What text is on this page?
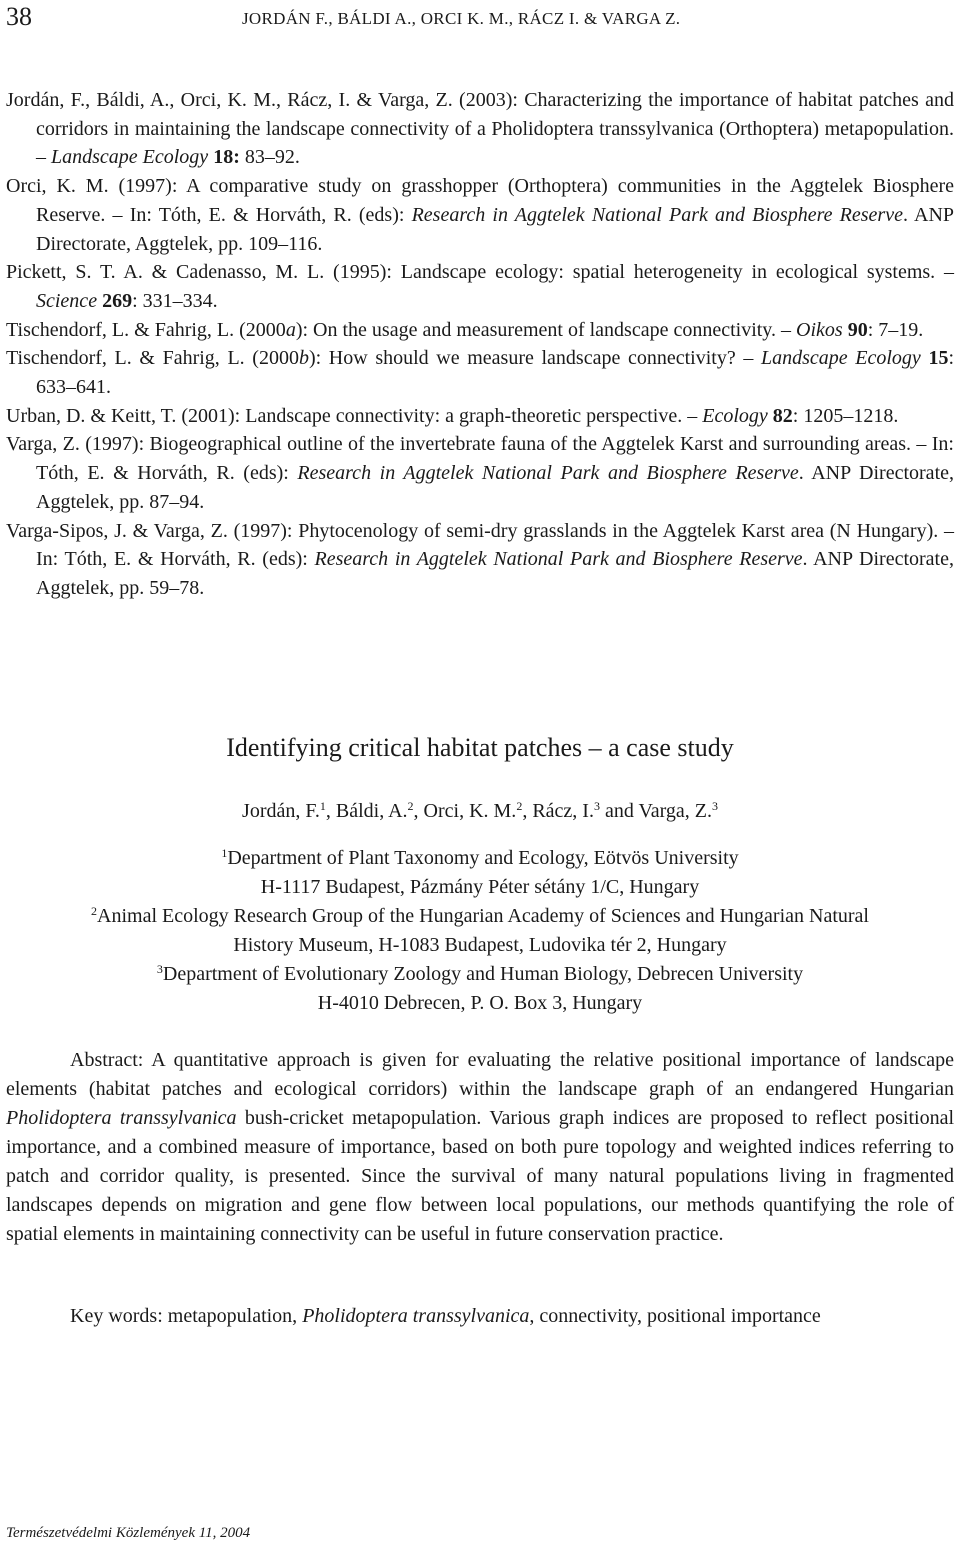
38	JORDÁN F., BÁLDI A., ORCI K. M., RÁCZ I. & VARGA Z.

Jordán, F., Báldi, A., Orci, K. M., Rácz, I. & Varga, Z. (2003): Characterizing the importance of habitat patches and corridors in maintaining the landscape connectivity of a Pholidoptera transsylvanica (Orthoptera) metapopulation. – Landscape Ecology 18: 83–92.

Orci, K. M. (1997): A comparative study on grasshopper (Orthoptera) communities in the Aggtelek Biosphere Reserve. – In: Tóth, E. & Horváth, R. (eds): Research in Aggtelek National Park and Biosphere Reserve. ANP Directorate, Aggtelek, pp. 109–116.

Pickett, S. T. A. & Cadenasso, M. L. (1995): Landscape ecology: spatial heterogeneity in ecological systems. – Science 269: 331–334.

Tischendorf, L. & Fahrig, L. (2000a): On the usage and measurement of landscape connectivity. – Oikos 90: 7–19.

Tischendorf, L. & Fahrig, L. (2000b): How should we measure landscape connectivity? – Landscape Ecology 15: 633–641.

Urban, D. & Keitt, T. (2001): Landscape connectivity: a graph-theoretic perspective. – Ecology 82: 1205–1218.

Varga, Z. (1997): Biogeographical outline of the invertebrate fauna of the Aggtelek Karst and surrounding areas. – In: Tóth, E. & Horváth, R. (eds): Research in Aggtelek National Park and Biosphere Reserve. ANP Directorate, Aggtelek, pp. 87–94.

Varga-Sipos, J. & Varga, Z. (1997): Phytocenology of semi-dry grasslands in the Aggtelek Karst area (N Hungary). – In: Tóth, E. & Horváth, R. (eds): Research in Aggtelek National Park and Biosphere Reserve. ANP Directorate, Aggtelek, pp. 59–78.

Identifying critical habitat patches – a case study
Jordán, F.$^1$, Báldi, A.$^2$, Orci, K. M.$^2$, Rácz, I.$^3$ and Varga, Z.$^3$

$^1$Department of Plant Taxonomy and Ecology, Eötvös University

H-1117 Budapest, Pázmány Péter sétány 1/C, Hungary

$^2$Animal Ecology Research Group of the Hungarian Academy of Sciences and Hungarian Natural

History Museum, H-1083 Budapest, Ludovika tér 2, Hungary

$^3$Department of Evolutionary Zoology and Human Biology, Debrecen University

H-4010 Debrecen, P. O. Box 3, Hungary

Abstract: A quantitative approach is given for evaluating the relative positional importance of landscape elements (habitat patches and ecological corridors) within the landscape graph of an endangered Hungarian Pholidoptera transsylvanica bush-cricket metapopulation. Various graph indices are proposed to reflect positional importance, and a combined measure of importance, based on both pure topology and weighted indices referring to patch and corridor quality, is presented. Since the survival of many natural populations living in fragmented landscapes depends on migration and gene flow between local populations, our methods quantifying the role of spatial elements in maintaining connectivity can be useful in future conservation practice.

Key words: metapopulation, Pholidoptera transsylvanica, connectivity, positional importance

Természetvédelmi Közlemények 11, 2004
